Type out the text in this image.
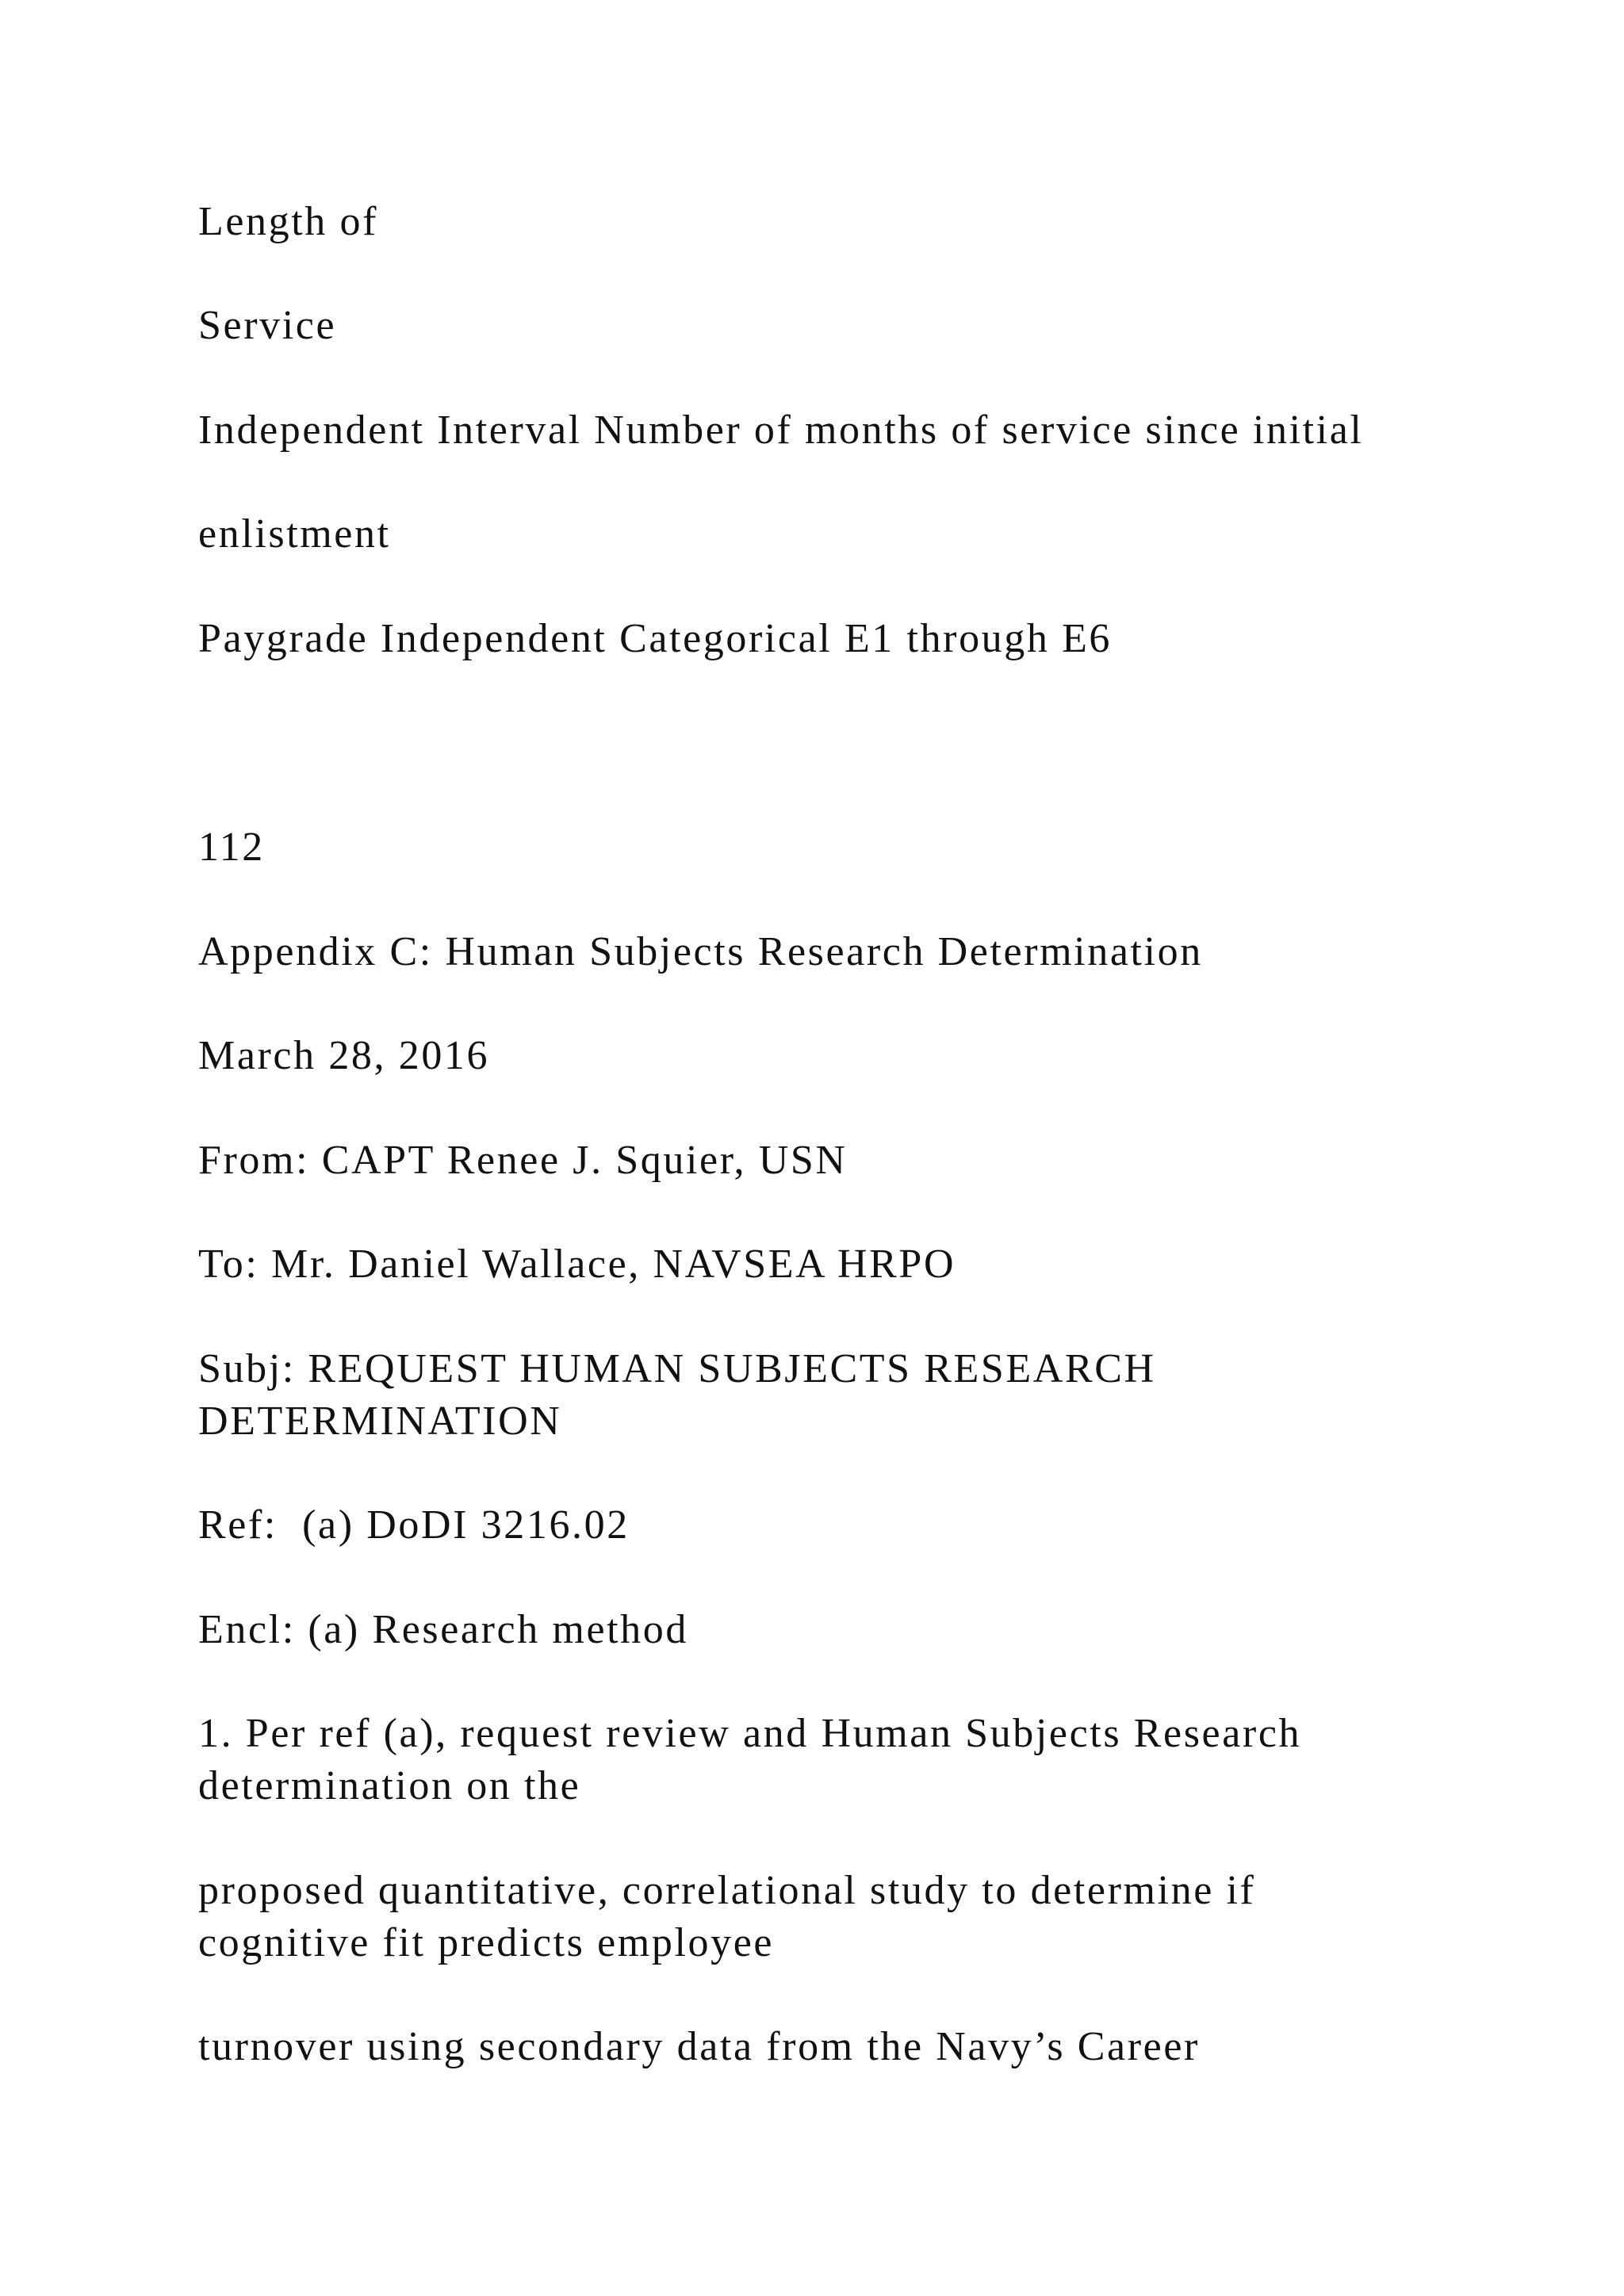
Length of

Service

Independent Interval Number of months of service since initial

enlistment

Paygrade Independent Categorical E1 through E6

112

Appendix C: Human Subjects Research Determination

March 28, 2016

From: CAPT Renee J. Squier, USN

To: Mr. Daniel Wallace, NAVSEA HRPO

Subj: REQUEST HUMAN SUBJECTS RESEARCH

DETERMINATION

Ref:  (a) DoDI 3216.02

Encl: (a) Research method

1. Per ref (a), request review and Human Subjects Research

determination on the

proposed quantitative, correlational study to determine if

cognitive fit predicts employee

turnover using secondary data from the Navy’s Career
